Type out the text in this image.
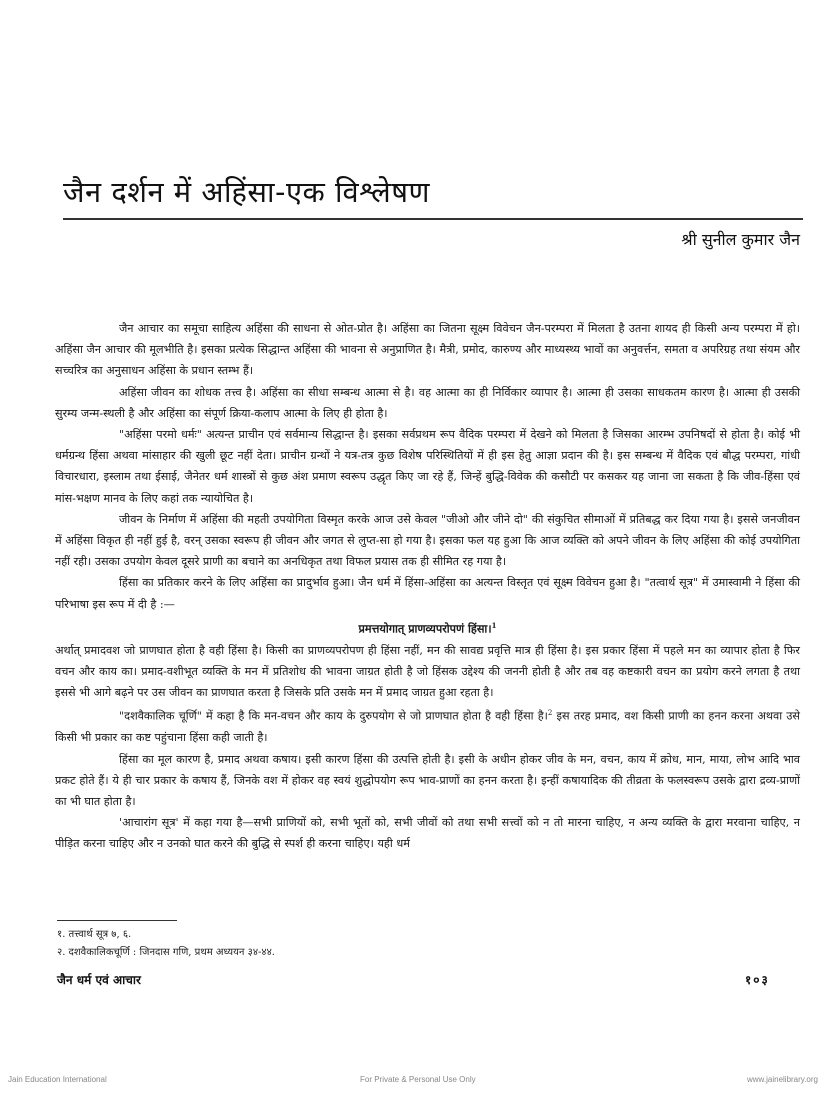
जैन दर्शन में अहिंसा-एक विश्लेषण
श्री सुनील कुमार जैन

जैन आचार का समूचा साहित्य अहिंसा की साधना से ओत-प्रोत है। अहिंसा का जितना सूक्ष्म विवेचन जैन-परम्परा में मिलता है उतना शायद ही किसी अन्य परम्परा में हो। अहिंसा जैन आचार की मूलभीति है। इसका प्रत्येक सिद्धान्त अहिंसा की भावना से अनुप्राणित है। मैत्री, प्रमोद, कारुण्य और माध्यस्थ्य भावों का अनुवर्त्तन, समता व अपरिग्रह तथा संयम और सच्चरित्र का अनुसाधन अहिंसा के प्रधान स्तम्भ हैं।

अहिंसा जीवन का शोधक तत्त्व है। अहिंसा का सीधा सम्बन्ध आत्मा से है। वह आत्मा का ही निर्विकार व्यापार है। आत्मा ही उसका साधकतम कारण है। आत्मा ही उसकी सुरम्य जन्म-स्थली है और अहिंसा का संपूर्ण क्रिया-कलाप आत्मा के लिए ही होता है।

"अहिंसा परमो धर्मः" अत्यन्त प्राचीन एवं सर्वमान्य सिद्धान्त है। इसका सर्वप्रथम रूप वैदिक परम्परा में देखने को मिलता है जिसका आरम्भ उपनिषदों से होता है। कोई भी धर्मग्रन्थ हिंसा अथवा मांसाहार की खुली छूट नहीं देता। प्राचीन ग्रन्थों ने यत्र-तत्र कुछ विशेष परिस्थितियों में ही इस हेतु आज्ञा प्रदान की है। इस सम्बन्ध में वैदिक एवं बौद्ध परम्परा, गांधी विचारधारा, इस्लाम तथा ईसाई, जैनेतर धर्म शास्त्रों से कुछ अंश प्रमाण स्वरूप उद्धृत किए जा रहे हैं, जिन्हें बुद्धि-विवेक की कसौटी पर कसकर यह जाना जा सकता है कि जीव-हिंसा एवं मांस-भक्षण मानव के लिए कहां तक न्यायोचित है।

जीवन के निर्माण में अहिंसा की महती उपयोगिता विस्मृत करके आज उसे केवल "जीओ और जीने दो" की संकुचित सीमाओं में प्रतिबद्ध कर दिया गया है। इससे जनजीवन में अहिंसा विकृत ही नहीं हुई है, वरन् उसका स्वरूप ही जीवन और जगत से लुप्त-सा हो गया है। इसका फल यह हुआ कि आज व्यक्ति को अपने जीवन के लिए अहिंसा की कोई उपयोगिता नहीं रही। उसका उपयोग केवल दूसरे प्राणी का बचाने का अनधिकृत तथा विफल प्रयास तक ही सीमित रह गया है।

हिंसा का प्रतिकार करने के लिए अहिंसा का प्रादुर्भाव हुआ। जैन धर्म में हिंसा-अहिंसा का अत्यन्त विस्तृत एवं सूक्ष्म विवेचन हुआ है। "तत्वार्थ सूत्र" में उमास्वामी ने हिंसा की परिभाषा इस रूप में दी है :—

प्रमत्तयोगात् प्राणव्यपरोपणं हिंसा।$^1$

अर्थात् प्रमादवश जो प्राणघात होता है वही हिंसा है। किसी का प्राणव्यपरोपण ही हिंसा नहीं, मन की सावद्य प्रवृत्ति मात्र ही हिंसा है। इस प्रकार हिंसा में पहले मन का व्यापार होता है फिर वचन और काय का। प्रमाद-वशीभूत व्यक्ति के मन में प्रतिशोध की भावना जाग्रत होती है जो हिंसक उद्देश्य की जननी होती है और तब वह कष्टकारी वचन का प्रयोग करने लगता है तथा इससे भी आगे बढ़ने पर उस जीवन का प्राणघात करता है जिसके प्रति उसके मन में प्रमाद जाग्रत हुआ रहता है।

"दशवैकालिक चूर्णि" में कहा है कि मन-वचन और काय के दुरुपयोग से जो प्राणघात होता है वही हिंसा है।$^2$ इस तरह प्रमाद, वश किसी प्राणी का हनन करना अथवा उसे किसी भी प्रकार का कष्ट पहुंचाना हिंसा कही जाती है।

हिंसा का मूल कारण है, प्रमाद अथवा कषाय। इसी कारण हिंसा की उत्पत्ति होती है। इसी के अधीन होकर जीव के मन, वचन, काय में क्रोध, मान, माया, लोभ आदि भाव प्रकट होते हैं। ये ही चार प्रकार के कषाय हैं, जिनके वश में होकर वह स्वयं शुद्धोपयोग रूप भाव-प्राणों का हनन करता है। इन्हीं कषायादिक की तीव्रता के फलस्वरूप उसके द्वारा द्रव्य-प्राणों का भी घात होता है।

'आचारांग सूत्र' में कहा गया है—सभी प्राणियों को, सभी भूतों को, सभी जीवों को तथा सभी सत्त्वों को न तो मारना चाहिए, न अन्य व्यक्ति के द्वारा मरवाना चाहिए, न पीड़ित करना चाहिए और न उनको घात करने की बुद्धि से स्पर्श ही करना चाहिए। यही धर्म

१. तत्त्वार्थ सूत्र ७, ६.
२. दशवैकालिकचूर्णि : जिनदास गणि, प्रथम अध्ययन ३४-४४.
जैन धर्म एवं आचार	१०३
Jain Education International	For Private & Personal Use Only	www.jainelibrary.org
